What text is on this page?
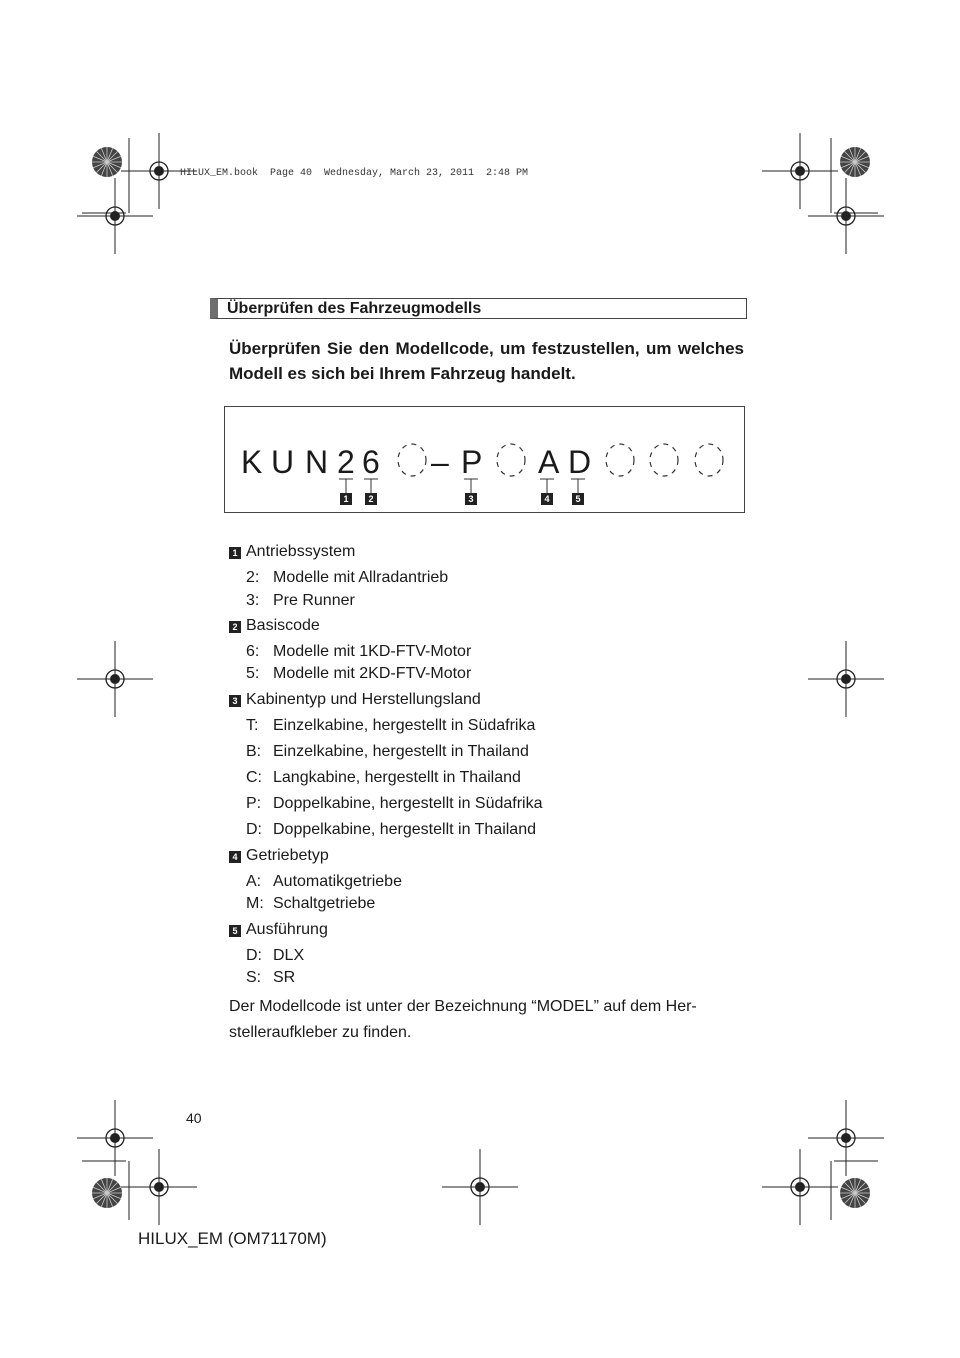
HILUX_EM.book  Page 40  Wednesday, March 23, 2011  2:48 PM
Überprüfen des Fahrzeugmodells
Überprüfen Sie den Modellcode, um festzustellen, um welches Modell es sich bei Ihrem Fahrzeug handelt.
K U N 2 6 – P A D
1 2	3	4	5
1 Antriebssystem
2: Modelle mit Allradantrieb
3: Pre Runner
2 Basiscode
6: Modelle mit 1KD-FTV-Motor
5: Modelle mit 2KD-FTV-Motor
3 Kabinentyp und Herstellungsland
T: Einzelkabine, hergestellt in Südafrika
B: Einzelkabine, hergestellt in Thailand
C: Langkabine, hergestellt in Thailand
P: Doppelkabine, hergestellt in Südafrika
D: Doppelkabine, hergestellt in Thailand
4 Getriebetyp
A: Automatikgetriebe
M: Schaltgetriebe
5 Ausführung
D: DLX
S: SR
Der Modellcode ist unter der Bezeichnung “MODEL” auf dem Her-
stelleraufkleber zu finden.
40
HILUX_EM (OM71170M)
